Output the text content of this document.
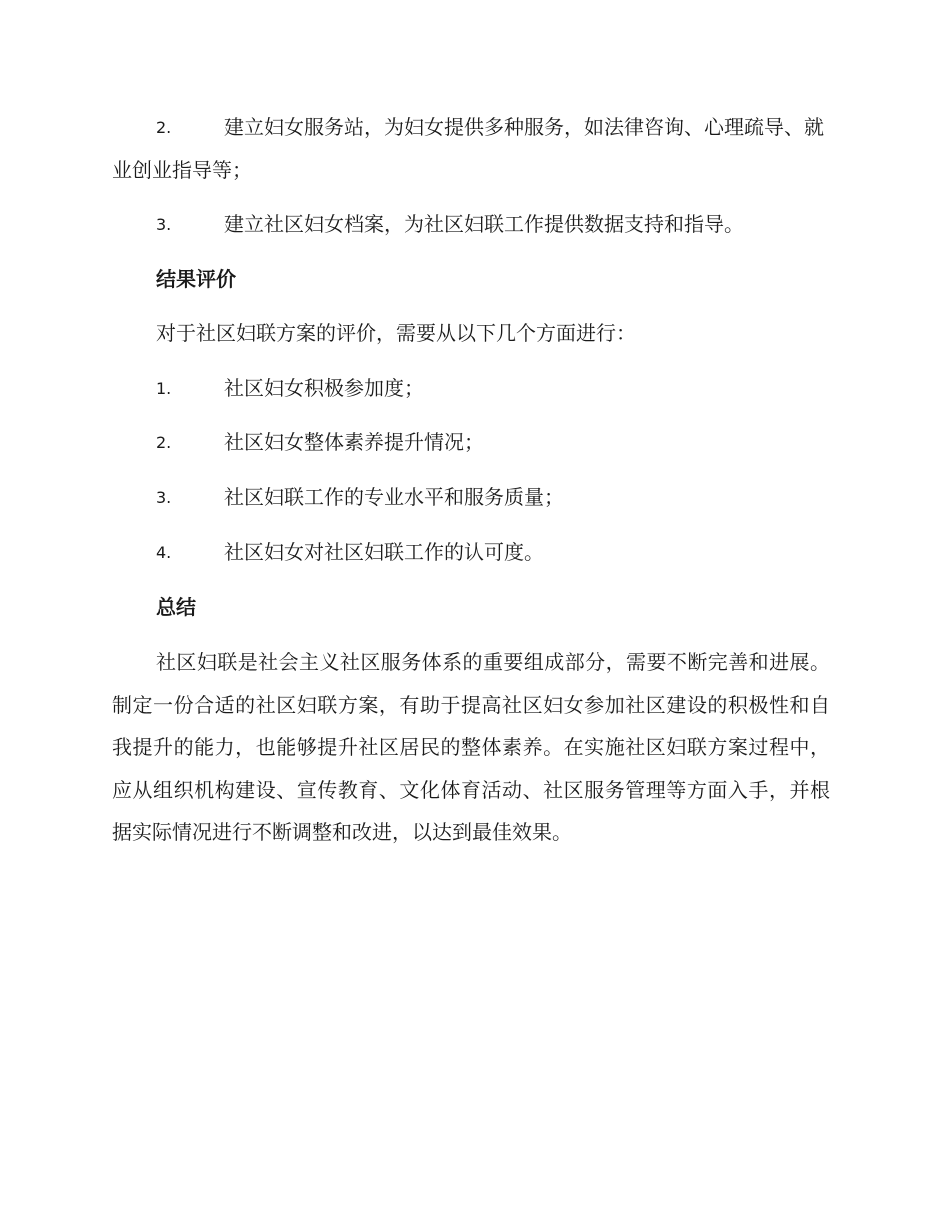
2.	建立妇女服务站，为妇女提供多种服务，如法律咨询、心理疏导、就业创业指导等；
3.	建立社区妇女档案，为社区妇联工作提供数据支持和指导。
结果评价
对于社区妇联方案的评价，需要从以下几个方面进行：
1.	社区妇女积极参加度；
2.	社区妇女整体素养提升情况；
3.	社区妇联工作的专业水平和服务质量；
4.	社区妇女对社区妇联工作的认可度。
总结
社区妇联是社会主义社区服务体系的重要组成部分，需要不断完善和进展。制定一份合适的社区妇联方案，有助于提高社区妇女参加社区建设的积极性和自我提升的能力，也能够提升社区居民的整体素养。在实施社区妇联方案过程中，应从组织机构建设、宣传教育、文化体育活动、社区服务管理等方面入手，并根据实际情况进行不断调整和改进，以达到最佳效果。
